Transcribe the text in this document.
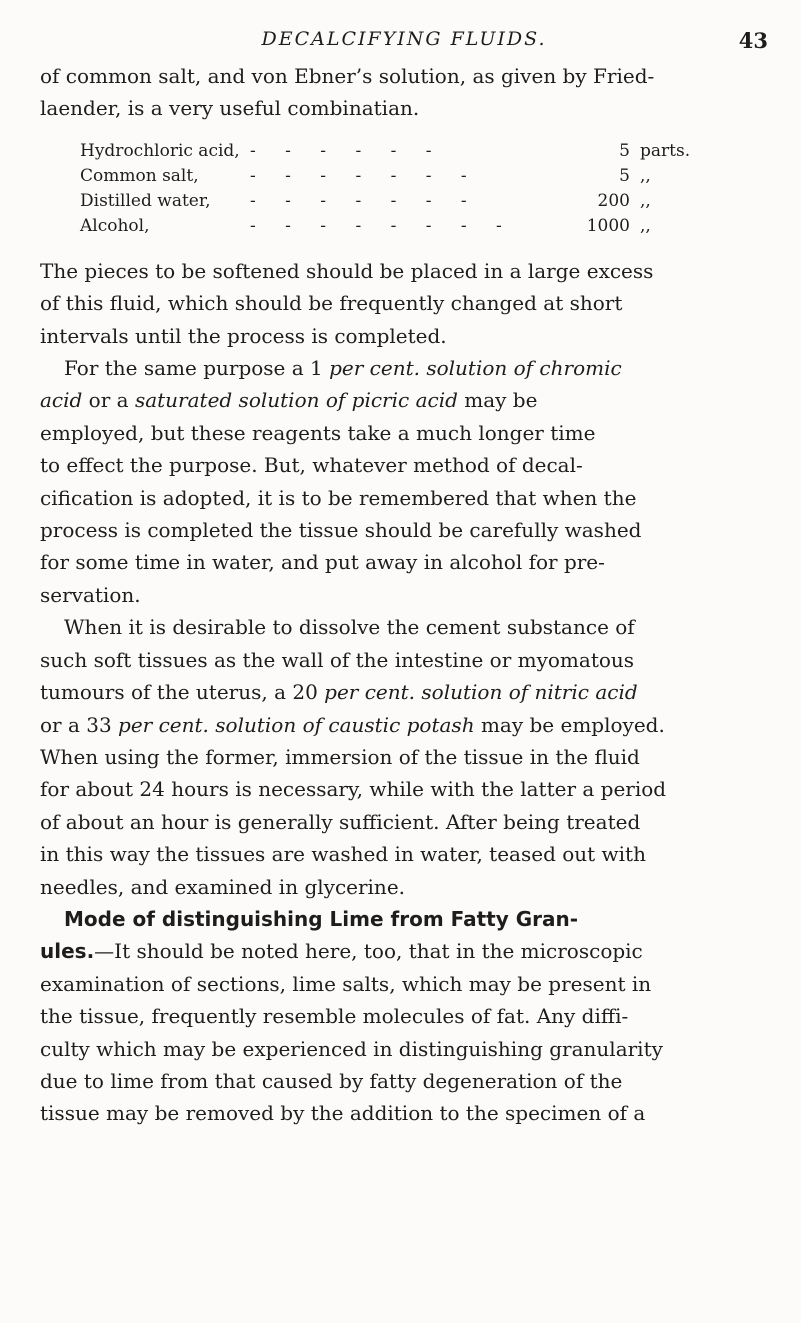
DECALCIFYING FLUIDS.	43

of common salt, and von Ebner’s solution, as given by Fried-
laender, is a very useful combinatian.

Hydrochloric acid, - - - - - -	5 parts.
Common salt,	- - - - - - -	5 ,,
Distilled water,	- - - - - - -	200 ,,
Alcohol,	- - - - - - - -	1000 ,,

The pieces to be softened should be placed in a large excess
of this fluid, which should be frequently changed at short
intervals until the process is completed.

For the same purpose a 1 per cent. solution of chromic
acid or a saturated solution of picric acid may be
employed, but these reagents take a much longer time
to effect the purpose. But, whatever method of decal-
cification is adopted, it is to be remembered that when the
process is completed the tissue should be carefully washed
for some time in water, and put away in alcohol for pre-
servation.

When it is desirable to dissolve the cement substance of
such soft tissues as the wall of the intestine or myomatous
tumours of the uterus, a 20 per cent. solution of nitric acid
or a 33 per cent. solution of caustic potash may be employed.
When using the former, immersion of the tissue in the fluid
for about 24 hours is necessary, while with the latter a period
of about an hour is generally sufficient. After being treated
in this way the tissues are washed in water, teased out with
needles, and examined in glycerine.

Mode of distinguishing Lime from Fatty Gran-
ules.—It should be noted here, too, that in the microscopic
examination of sections, lime salts, which may be present in
the tissue, frequently resemble molecules of fat. Any diffi-
culty which may be experienced in distinguishing granularity
due to lime from that caused by fatty degeneration of the
tissue may be removed by the addition to the specimen of a
